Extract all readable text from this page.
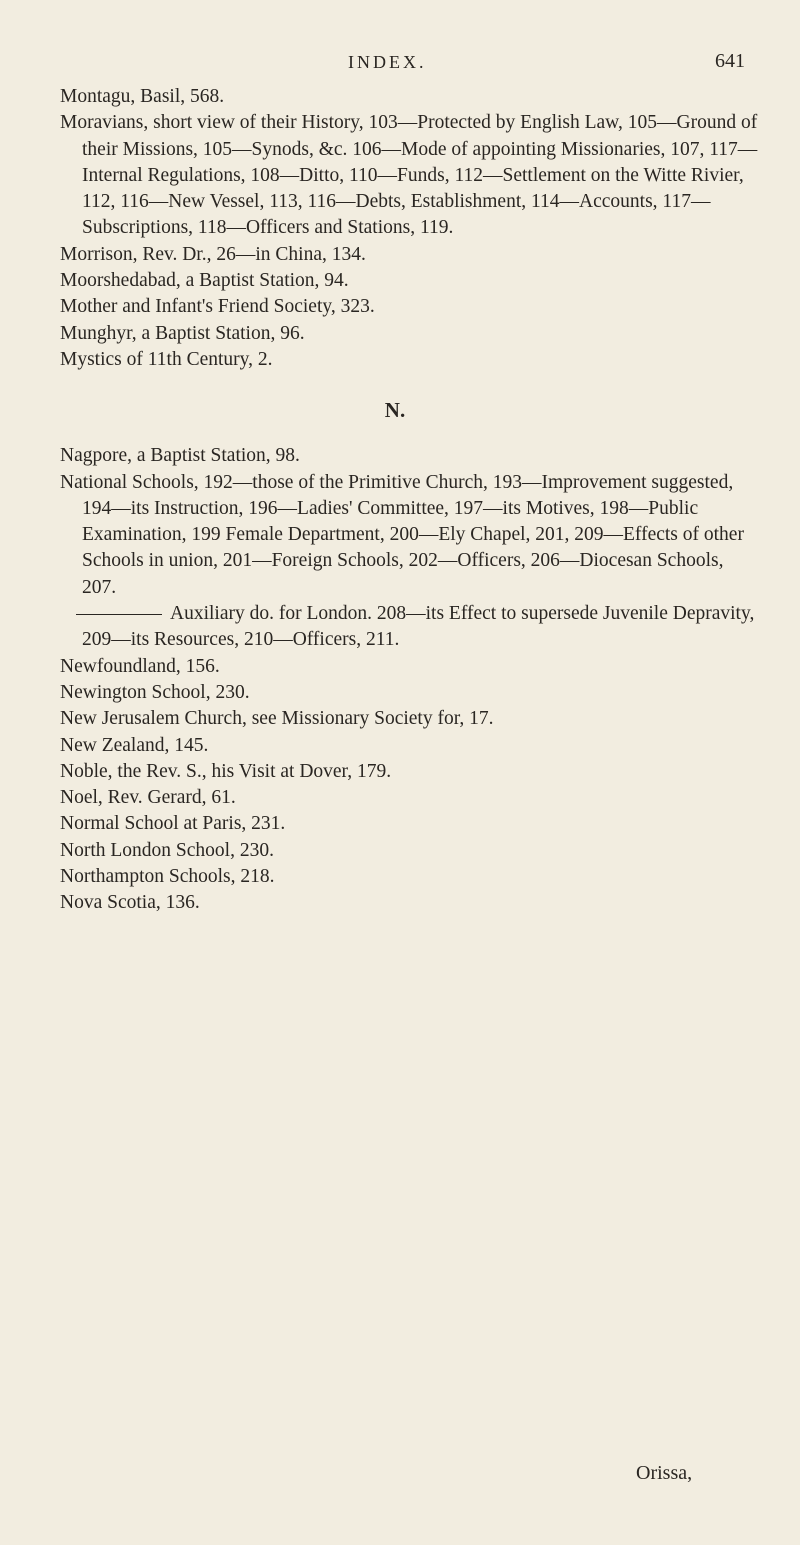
INDEX.	641
Montagu, Basil, 568.
Moravians, short view of their History, 103—Protected by English Law, 105—Ground of their Missions, 105—Synods, &c. 106—Mode of appointing Missionaries, 107, 117—Internal Regulations, 108—Ditto, 110—Funds, 112—Settlement on the Witte Rivier, 112, 116—New Vessel, 113, 116—Debts, Establishment, 114—Accounts, 117—Subscriptions, 118—Officers and Stations, 119.
Morrison, Rev. Dr., 26—in China, 134.
Moorshedabad, a Baptist Station, 94.
Mother and Infant's Friend Society, 323.
Munghyr, a Baptist Station, 96.
Mystics of 11th Century, 2.
N.
Nagpore, a Baptist Station, 98.
National Schools, 192—those of the Primitive Church, 193—Improvement suggested, 194—its Instruction, 196—Ladies' Committee, 197—its Motives, 198—Public Examination, 199 Female Department, 200—Ely Chapel, 201, 209—Effects of other Schools in union, 201—Foreign Schools, 202—Officers, 206—Diocesan Schools, 207.
Auxiliary do. for London. 208—its Effect to supersede Juvenile Depravity, 209—its Resources, 210—Officers, 211.
Newfoundland, 156.
Newington School, 230.
New Jerusalem Church, see Missionary Society for, 17.
New Zealand, 145.
Noble, the Rev. S., his Visit at Dover, 179.
Noel, Rev. Gerard, 61.
Normal School at Paris, 231.
North London School, 230.
Northampton Schools, 218.
Nova Scotia, 136.
Orissa,
